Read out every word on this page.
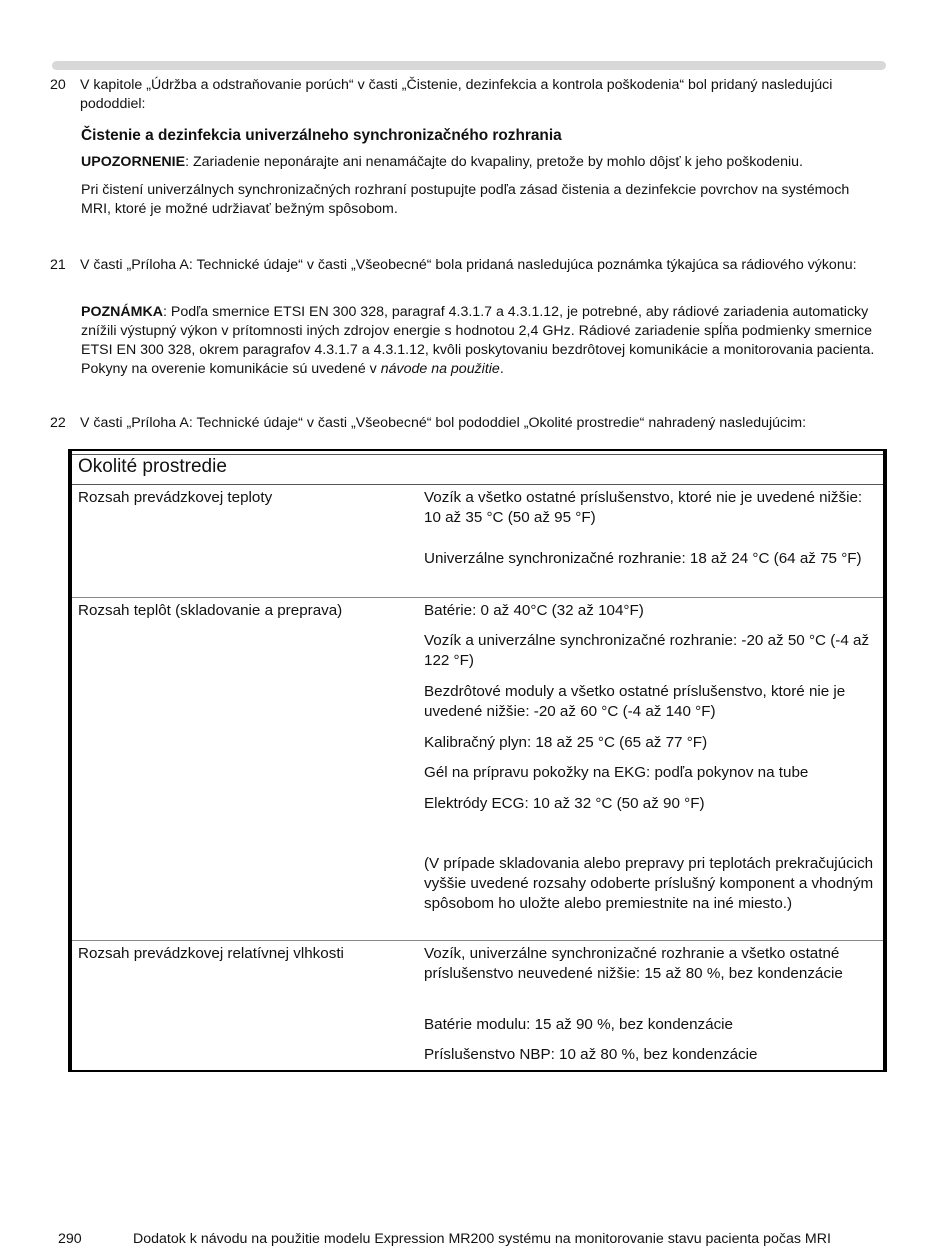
20	V kapitole „Údržba a odstraňovanie porúch“ v časti „Čistenie, dezinfekcia a kontrola poškodenia“ bol pridaný nasledujúci pododdiel:
Čistenie a dezinfekcia univerzálneho synchronizačného rozhrania
UPOZORNENIE: Zariadenie neponárajte ani nenamáčajte do kvapaliny, pretože by mohlo dôjsť k jeho poškodeniu.
Pri čistení univerzálnych synchronizačných rozhraní postupujte podľa zásad čistenia a dezinfekcie povrchov na systémoch MRI, ktoré je možné udržiavať bežným spôsobom.
21	V časti „Príloha A: Technické údaje“ v časti „Všeobecné“ bola pridaná nasledujúca poznámka týkajúca sa rádiového výkonu:
POZNÁMKA: Podľa smernice ETSI EN 300 328, paragraf 4.3.1.7 a 4.3.1.12, je potrebné, aby rádiové zariadenia automaticky znížili výstupný výkon v prítomnosti iných zdrojov energie s hodnotou 2,4 GHz. Rádiové zariadenie spĺňa podmienky smernice ETSI EN 300 328, okrem paragrafov 4.3.1.7 a 4.3.1.12, kvôli poskytovaniu bezdrôtovej komunikácie a monitorovania pacienta. Pokyny na overenie komunikácie sú uvedené v návode na použitie.
22	V časti „Príloha A: Technické údaje“ v časti „Všeobecné“ bol pododdiel „Okolité prostredie“ nahradený nasledujúcim:
Okolité prostredie
Rozsah prevádzkovej teploty	Vozík a všetko ostatné príslušenstvo, ktoré nie je uvedené nižšie: 10 až 35 °C (50 až 95 °F)
Univerzálne synchronizačné rozhranie: 18 až 24 °C (64 až 75 °F)
Rozsah teplôt (skladovanie a preprava)	Batérie: 0 až 40°C (32 až 104°F)
Vozík a univerzálne synchronizačné rozhranie: -20 až 50 °C (-4 až 122 °F)
Bezdrôtové moduly a všetko ostatné príslušenstvo, ktoré nie je uvedené nižšie: -20 až 60 °C (-4 až 140 °F)
Kalibračný plyn: 18 až 25 °C (65 až 77 °F)
Gél na prípravu pokožky na EKG: podľa pokynov na tube
Elektródy ECG: 10 až 32 °C (50 až 90 °F)
(V prípade skladovania alebo prepravy pri teplotách prekračujúcich vyššie uvedené rozsahy odoberte príslušný komponent a vhodným spôsobom ho uložte alebo premiestnite na iné miesto.)
Rozsah prevádzkovej relatívnej vlhkosti	Vozík, univerzálne synchronizačné rozhranie a všetko ostatné príslušenstvo neuvedené nižšie: 15 až 80 %, bez kondenzácie
Batérie modulu: 15 až 90 %, bez kondenzácie
Príslušenstvo NBP: 10 až 80 %, bez kondenzácie
290	Dodatok k návodu na použitie modelu Expression MR200 systému na monitorovanie stavu pacienta počas MRI
